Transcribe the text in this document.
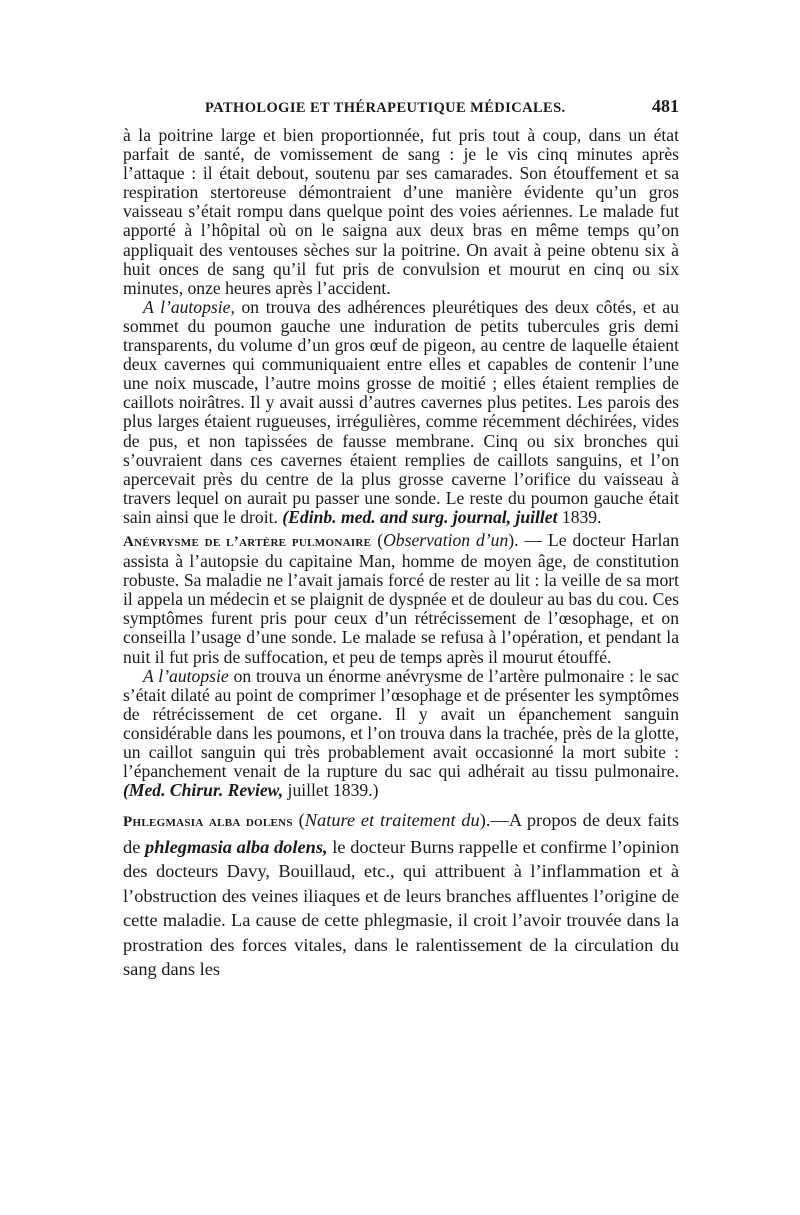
PATHOLOGIE ET THÉRAPEUTIQUE MÉDICALES.	481

à la poitrine large et bien proportionnée, fut pris tout à coup, dans un état parfait de santé, de vomissement de sang : je le vis cinq minutes après l’attaque : il était debout, soutenu par ses camarades. Son étouffement et sa respiration stertoreuse démontraient d’une manière évidente qu’un gros vaisseau s’était rompu dans quelque point des voies aériennes. Le malade fut apporté à l’hôpital où on le saigna aux deux bras en même temps qu’on appliquait des ventouses sèches sur la poitrine. On avait à peine obtenu six à huit onces de sang qu’il fut pris de convulsion et mourut en cinq ou six minutes, onze heures après l’accident.

A l’autopsie, on trouva des adhérences pleurétiques des deux côtés, et au sommet du poumon gauche une induration de petits tubercules gris demi transparents, du volume d’un gros œuf de pigeon, au centre de laquelle étaient deux cavernes qui communiquaient entre elles et capables de contenir l’une une noix muscade, l’autre moins grosse de moitié ; elles étaient remplies de caillots noirâtres. Il y avait aussi d’autres cavernes plus petites. Les parois des plus larges étaient rugueuses, irrégulières, comme récemment déchirées, vides de pus, et non tapissées de fausse membrane. Cinq ou six bronches qui s’ouvraient dans ces cavernes étaient remplies de caillots sanguins, et l’on apercevait près du centre de la plus grosse caverne l’orifice du vaisseau à travers lequel on aurait pu passer une sonde. Le reste du poumon gauche était sain ainsi que le droit. (Edinb. med. and surg. journal, juillet 1839.

Anévrysme de l’artère pulmonaire (Observation d’un). — Le docteur Harlan assista à l’autopsie du capitaine Man, homme de moyen âge, de constitution robuste. Sa maladie ne l’avait jamais forcé de rester au lit : la veille de sa mort il appela un médecin et se plaignit de dyspnée et de douleur au bas du cou. Ces symptômes furent pris pour ceux d’un rétrécissement de l’œsophage, et on conseilla l’usage d’une sonde. Le malade se refusa à l’opération, et pendant la nuit il fut pris de suffocation, et peu de temps après il mourut étouffé.

A l’autopsie on trouva un énorme anévrysme de l’artère pulmonaire : le sac s’était dilaté au point de comprimer l’œsophage et de présenter les symptômes de rétrécissement de cet organe. Il y avait un épanchement sanguin considérable dans les poumons, et l’on trouva dans la trachée, près de la glotte, un caillot sanguin qui très probablement avait occasionné la mort subite : l’épanchement venait de la rupture du sac qui adhérait au tissu pulmonaire. (Med. Chirur. Review, juillet 1839.)

Phlegmasia alba dolens (Nature et traitement du).—A propos de deux faits de phlegmasia alba dolens, le docteur Burns rappelle et confirme l’opinion des docteurs Davy, Bouillaud, etc., qui attribuent à l’inflammation et à l’obstruction des veines iliaques et de leurs branches affluentes l’origine de cette maladie. La cause de cette phlegmasie, il croit l’avoir trouvée dans la prostration des forces vitales, dans le ralentissement de la circulation du sang dans les
